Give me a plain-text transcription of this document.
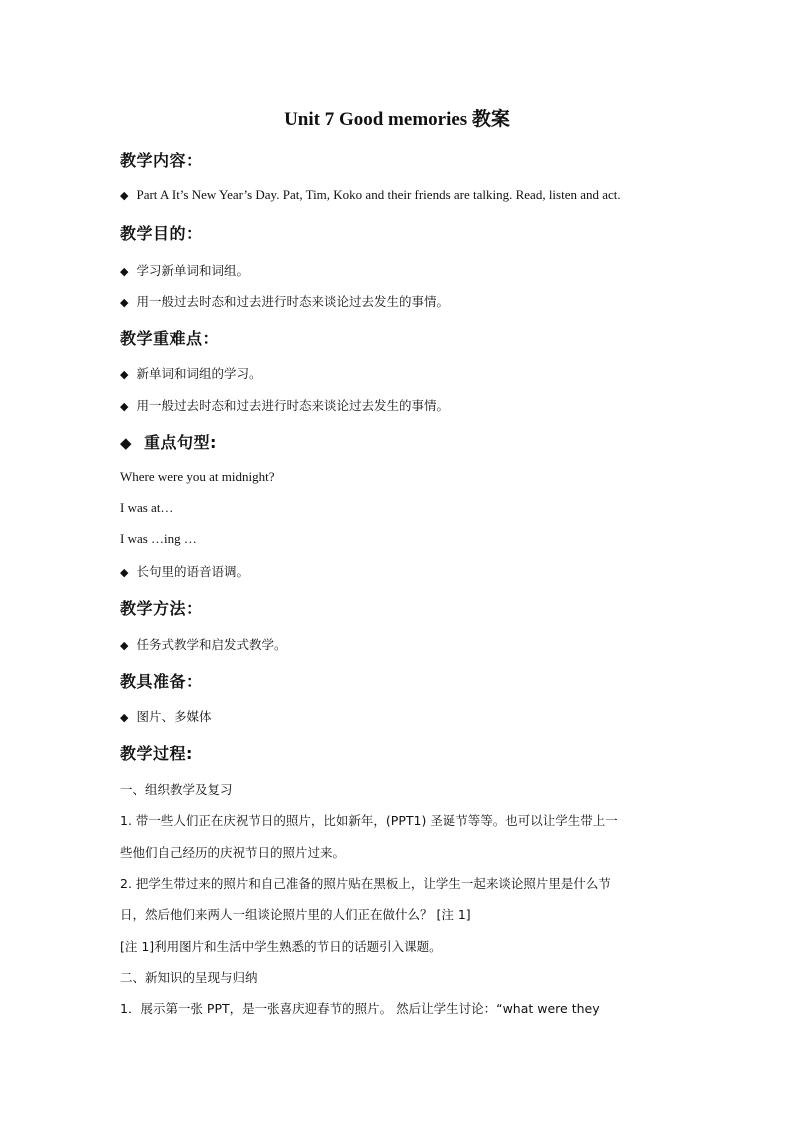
Unit 7 Good memories 教案
教学内容：
◆ Part A It’s New Year’s Day. Pat, Tim, Koko and their friends are talking. Read, listen and act.
教学目的：
◆ 学习新单词和词组。
◆ 用一般过去时态和过去进行时态来谈论过去发生的事情。
教学重难点：
◆ 新单词和词组的学习。
◆ 用一般过去时态和过去进行时态来谈论过去发生的事情。
◆ 重点句型:
Where were you at midnight?
I was at…
I was …ing …
◆ 长句里的语音语调。
教学方法：
◆ 任务式教学和启发式教学。
教具准备：
◆ 图片、多媒体
教学过程:
一、组织教学及复习
1. 带一些人们正在庆祝节日的照片，比如新年，(PPT1) 圣诞节等等。也可以让学生带上一
些他们自己经历的庆祝节日的照片过来。
2. 把学生带过来的照片和自己准备的照片贴在黑板上，让学生一起来谈论照片里是什么节
日，然后他们来两人一组谈论照片里的人们正在做什么？ [注 1]
[注 1]利用图片和生活中学生熟悉的节日的话题引入课题。
二、新知识的呈现与归纳
1．展示第一张 PPT，是一张喜庆迎春节的照片。 然后让学生讨论：“what were they
